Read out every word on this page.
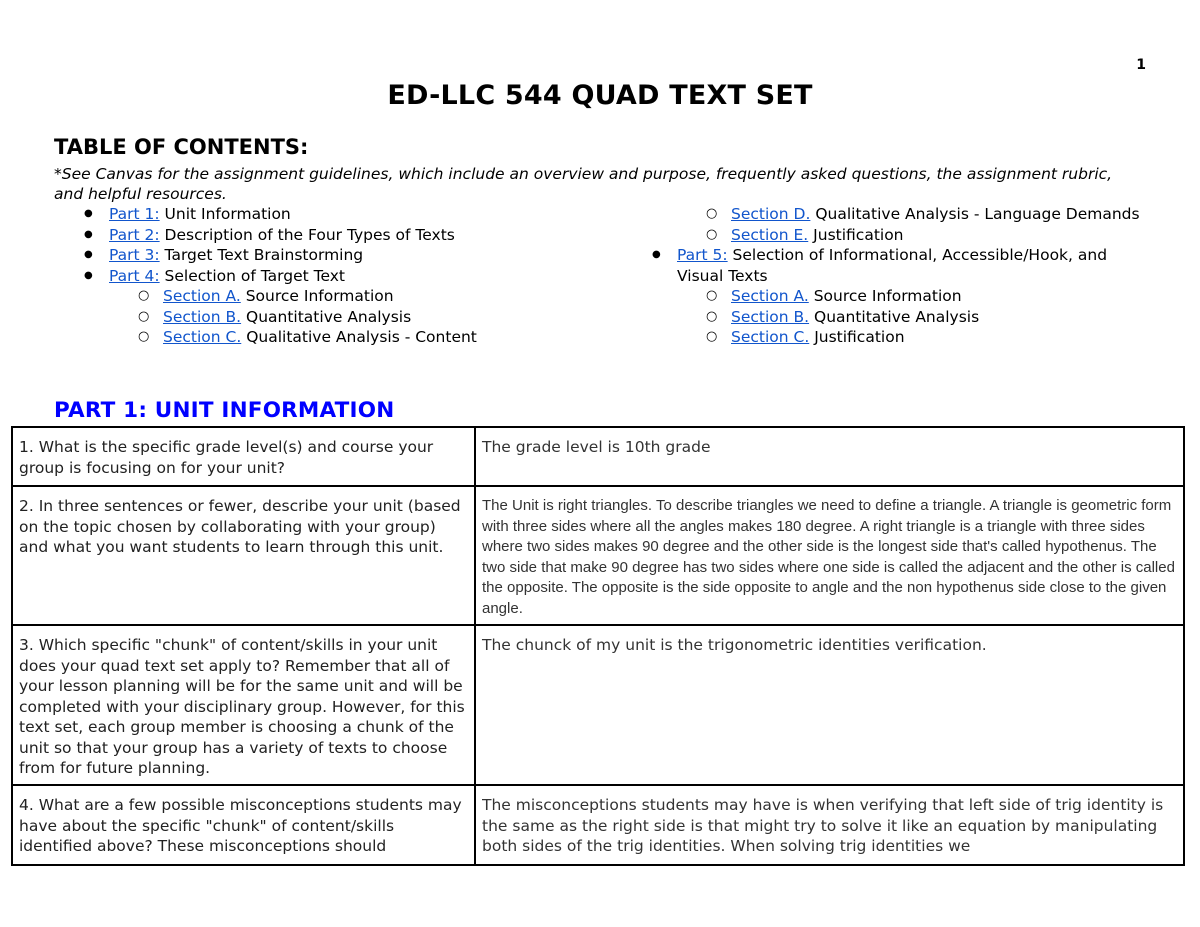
1
ED-LLC 544 QUAD TEXT SET
TABLE OF CONTENTS:
*See Canvas for the assignment guidelines, which include an overview and purpose, frequently asked questions, the assignment rubric, and helpful resources.
● Part 1: Unit Information
● Part 2: Description of the Four Types of Texts
● Part 3: Target Text Brainstorming
● Part 4: Selection of Target Text
○ Section A. Source Information
○ Section B. Quantitative Analysis
○ Section C. Qualitative Analysis - Content
○ Section D. Qualitative Analysis - Language Demands
○ Section E. Justification
● Part 5: Selection of Informational, Accessible/Hook, and Visual Texts
○ Section A. Source Information
○ Section B. Quantitative Analysis
○ Section C. Justification
PART 1: UNIT INFORMATION
1. What is the specific grade level(s) and course your group is focusing on for your unit?	The grade level is 10th grade
2. In three sentences or fewer, describe your unit (based on the topic chosen by collaborating with your group) and what you want students to learn through this unit.	The Unit is right triangles. To describe triangles we need to define a triangle. A triangle is geometric form with three sides where all the angles makes 180 degree. A right triangle is a triangle with three sides where two sides makes 90 degree and the other side is the longest side that's called hypothenus. The two side that make 90 degree has two sides where one side is called the adjacent and the other is called the opposite. The opposite is the side opposite to angle and the non hypothenus side close to the given angle.
3. Which specific "chunk" of content/skills in your unit does your quad text set apply to? Remember that all of your lesson planning will be for the same unit and will be completed with your disciplinary group. However, for this text set, each group member is choosing a chunk of the unit so that your group has a variety of texts to choose from for future planning.	The chunck of my unit is the trigonometric identities verification.

4. What are a few possible misconceptions students may have about the specific "chunk" of content/skills identified above? These misconceptions should	The misconceptions students may have is when verifying that left side of trig identity is the same as the right side is that might try to solve it like an equation by manipulating both sides of the trig identities. When solving trig identities we
